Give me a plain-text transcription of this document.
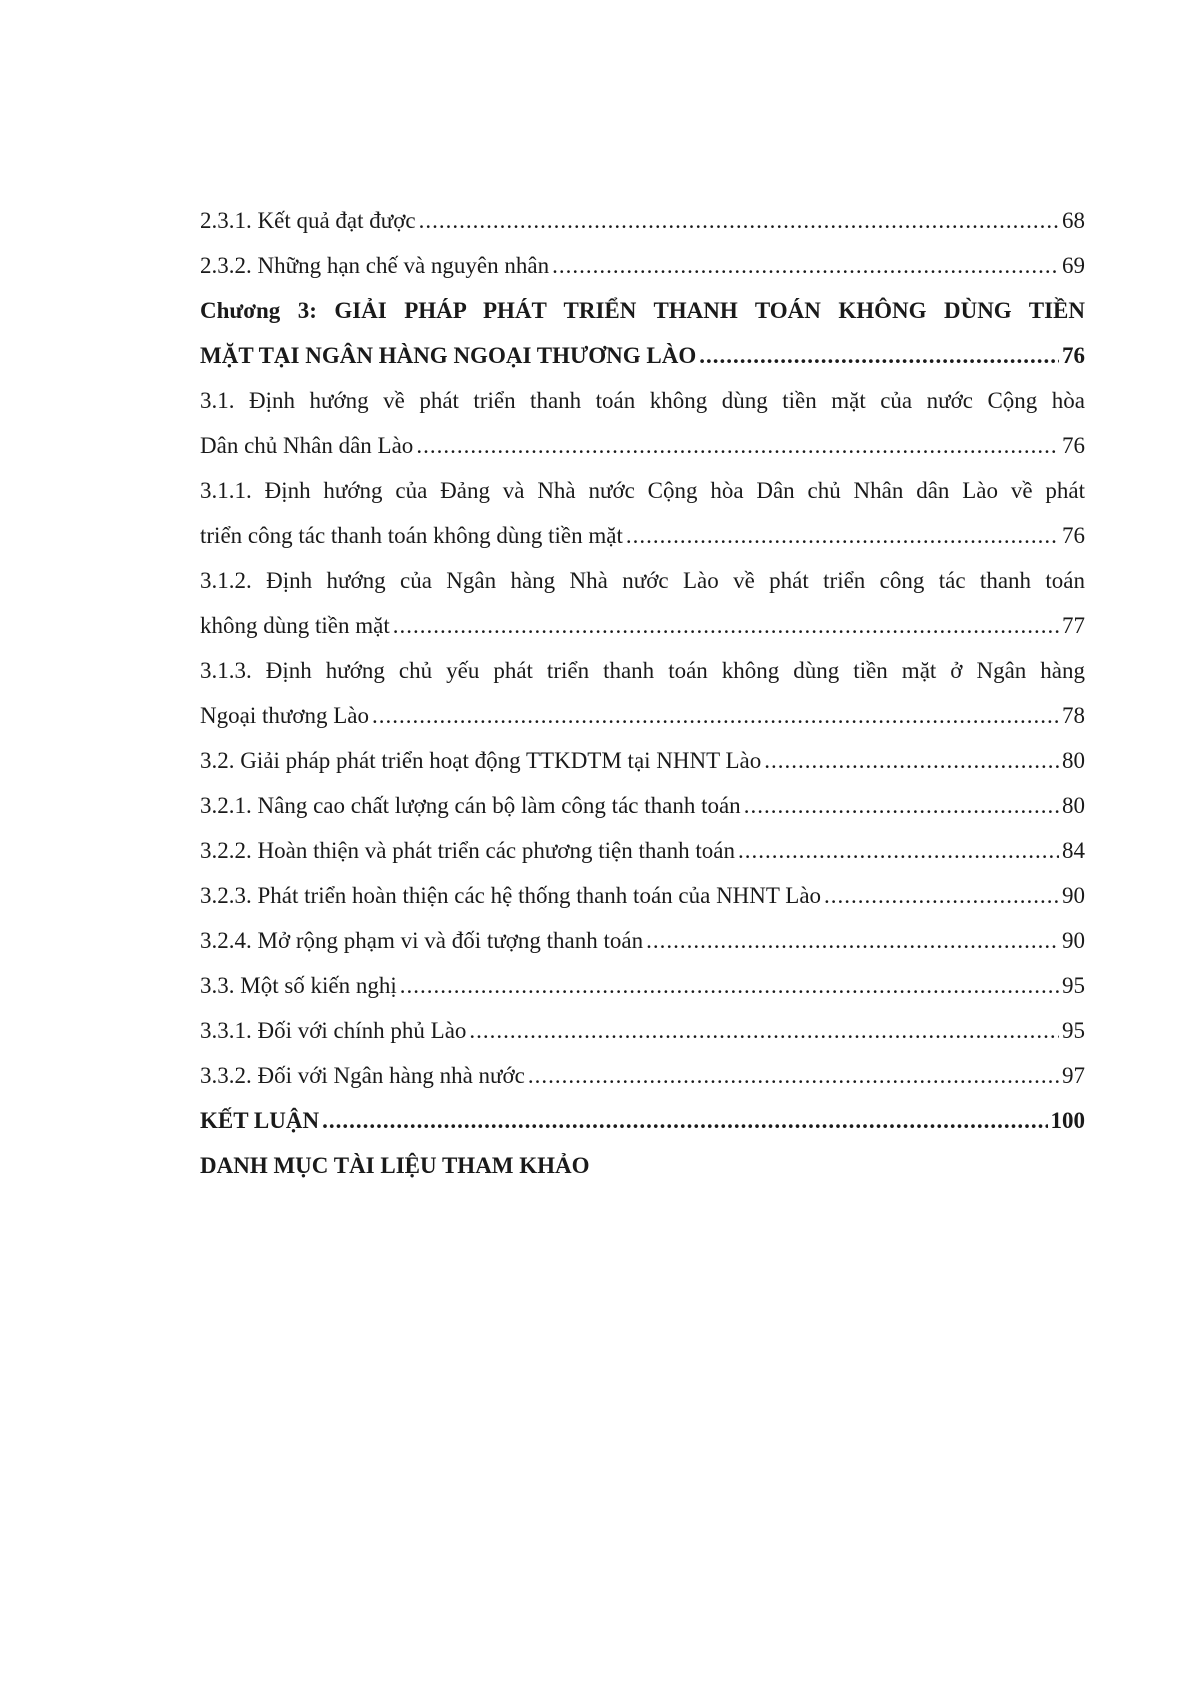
2.3.1. Kết quả đạt được .....	68
2.3.2. Những hạn chế và nguyên nhân .....	69
Chương 3: GIẢI PHÁP PHÁT TRIỂN THANH TOÁN KHÔNG DÙNG TIỀN
MẶT TẠI NGÂN HÀNG NGOẠI THƯƠNG LÀO .....	76
3.1. Định hướng về phát triển thanh toán không dùng tiền mặt của nước Cộng hòa
Dân chủ Nhân dân Lào .....	76
3.1.1. Định hướng của Đảng và Nhà nước Cộng hòa Dân chủ Nhân dân Lào về phát
triển công tác thanh toán không dùng tiền mặt .....	76
3.1.2. Định hướng của Ngân hàng Nhà nước Lào về phát triển công tác thanh toán
không dùng tiền mặt .....	77
3.1.3. Định hướng chủ yếu phát triển thanh toán không dùng tiền mặt ở Ngân hàng
Ngoại thương Lào .....	78
3.2. Giải pháp phát triển hoạt động TTKDTM tại NHNT Lào .....	80
3.2.1. Nâng cao chất lượng cán bộ làm công tác thanh toán .....	80
3.2.2. Hoàn thiện và phát triển các phương tiện thanh toán .....	84
3.2.3. Phát triển hoàn thiện các hệ thống thanh toán của NHNT Lào .....	90
3.2.4. Mở rộng phạm vi và đối tượng thanh toán .....	90
3.3. Một số kiến nghị .....	95
3.3.1. Đối với chính phủ Lào .....	95
3.3.2. Đối với Ngân hàng nhà nước .....	97
KẾT LUẬN .....	100
DANH MỤC TÀI LIỆU THAM KHẢO
